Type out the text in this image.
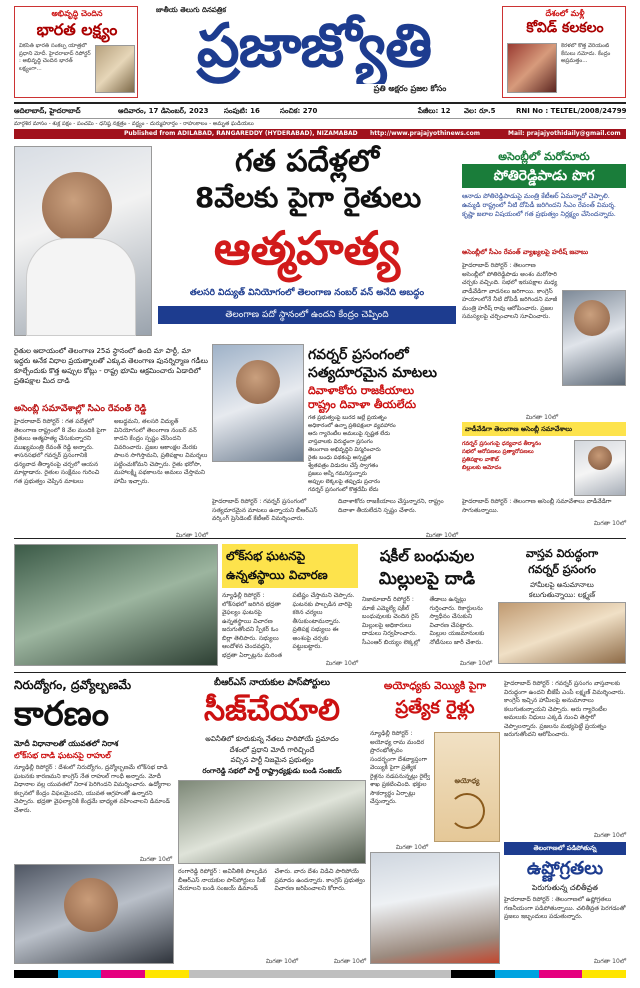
అభివృద్ధి చెందిన
భారత లక్ష్యం
వికసిత్ భారత్ సంకల్ప యాత్రలో ప్రధాని మోదీ. హైదరాబాద్ రిపోర్టర్ : అభివృద్ధి చెందిన భారత్ లక్ష్యంగా...
జాతీయ తెలుగు దినపత్రిక
ప్రజాజ్యోతి
ప్రతి అక్షరం ప్రజల కోసం
దేశంలో మళ్లీ
కోవిడ్ కలకలం
కేరళలో కొత్త వేరియంట్ కేసులు నమోదు. కేంద్రం అప్రమత్తం...
ఆదిలాబాద్, హైదరాబాద్	ఆదివారం, 17 డిసెంబర్, 2023 సంపుటి: 16	సంచిక: 270	పేజీలు: 12 వెల: రూ.5	RNI No : TELTEL/2008/24799
మార్గశిర మాసం - శుక్ల పక్షం - పంచమి - ధనిష్ఠ నక్షత్రం - వర్జ్యం - దుర్ముహూర్తం - రాహుకాలం - అమృత ఘడియలు
Published from ADILABAD, RANGAREDDY (HYDERABAD), NIZAMABAD http://www.prajajyothinews.com	Mail: prajajyothidaily@gmail.com
గత పదేళ్లలో
8వేలకు పైగా రైతులు
ఆత్మహత్య
తలసరి విద్యుత్ వినియోగంలో తెలంగాణ నంబర్ వన్ అనేది అబద్ధం
తెలంగాణ పదో స్థానంలో ఉందని కేంద్రం చెప్పింది
రైతుల ఆదాయంలో తెలంగాణ 25వ స్థానంలో ఉంది మా పార్టీ, మా ఇద్దరు అనేక విధాల ప్రయత్నాలతో ఎక్కువ తెలంగాణ పునర్నిర్మాణ గడీలు కూల్చేందుకు కొత్త అప్పుల కోట్లు - రాష్ట్ర భూమి ఆక్రమించారు ఏడాదిలో ప్రతిపక్షాల మీద దాడి
అసెంబ్లీ సమావేశాల్లో సీఎం రేవంత్ రెడ్డి
హైదరాబాద్ రిపోర్టర్ : గత పదేళ్లలో తెలంగాణ రాష్ట్రంలో 8 వేల మందికి పైగా రైతులు ఆత్మహత్య చేసుకున్నారని ముఖ్యమంత్రి రేవంత్ రెడ్డి అన్నారు. శాసనసభలో గవర్నర్ ప్రసంగానికి ధన్యవాద తీర్మానంపై చర్చలో ఆయన మాట్లాడారు. రైతుల సంక్షేమం గురించి గత ప్రభుత్వం చెప్పిన మాటలు అబద్ధమని, తలసరి విద్యుత్ వినియోగంలో తెలంగాణ నంబర్ వన్ కాదని కేంద్రం స్పష్టం చేసిందని వివరించారు. ప్రజల ఆకాంక్షల మేరకు పాలన సాగిస్తామని, ప్రతిపక్షాల విమర్శలు పట్టించుకోమని చెప్పారు. రైతు భరోసా, మహాలక్ష్మి పథకాలను అమలు చేస్తామని హామీ ఇచ్చారు.
గవర్నర్ ప్రసంగంలో
సత్యదూరమైన మాటలు
దివాళాకోరు రాజకీయాలు
రాష్ట్రం దివాళా తీయలేదు
గత ప్రభుత్వంపై బురద జల్లే ప్రయత్నం
అధికారంలో ఉన్నా ప్రతిపక్షంలా వ్యవహారం
ఆరు గ్యారెంటీల అమలుపై స్పష్టత లేదు
వాస్తవాలకు విరుద్ధంగా ప్రసంగం
తెలంగాణ అభివృద్ధిని విస్మరించారు
రైతు బంధు పథకంపై అస్పష్టత
శ్వేతపత్రం విడుదల చేస్తే స్వాగతం
ప్రజలు అన్నీ గమనిస్తున్నారు
అప్పుల లెక్కలపై తప్పుడు ప్రచారం
గవర్నర్ ప్రసంగంలో కొత్తదేమీ లేదు
హైదరాబాద్ రిపోర్టర్ : గవర్నర్ ప్రసంగంలో సత్యదూరమైన మాటలు ఉన్నాయని బీఆర్ఎస్ వర్కింగ్ ప్రెసిడెంట్ కేటీఆర్ విమర్శించారు. దివాళాకోరు రాజకీయాలు చేస్తున్నారని, రాష్ట్రం దివాళా తీయలేదని స్పష్టం చేశారు.
అసెంబ్లీలో మరోమారు
పోతిరెడ్డిపాడు పొగ
ఆనాడు పోతిరెడ్డిపాడుపై మంత్రి కేటీఆర్ ఏమన్నారో చెప్పాలి. ఉమ్మడి రాష్ట్రంలో నీటి దోపిడీ జరిగిందని సీఎం రేవంత్ విమర్శ. కృష్ణా జలాల విషయంలో గత ప్రభుత్వం నిర్లక్ష్యం చేసిందన్నారు.
అసెంబ్లీలో సీఎం రేవంత్ వ్యాఖ్యలపై హరీష్ జవాబు
హైదరాబాద్ రిపోర్టర్ : తెలంగాణ అసెంబ్లీలో పోతిరెడ్డిపాడు అంశం మరోసారి చర్చకు వచ్చింది. సభలో ఇరుపక్షాల మధ్య వాడీవేడిగా వాదనలు జరిగాయి. కాంగ్రెస్ హయాంలోనే నీటి దోపిడీ జరిగిందని మాజీ మంత్రి హరీష్ రావు ఆరోపించారు. ప్రజల సమస్యలపై చర్చించాలని సూచించారు.
వాడీవేడిగా తెలంగాణ అసెంబ్లీ సమావేశాలు
గవర్నర్ ప్రసంగంపై ధన్యవాద తీర్మానం
సభలో ఆరోపణలు ప్రత్యారోపణలు
ప్రతిపక్షాల వాకౌట్
బిల్లులకు ఆమోదం
హైదరాబాద్ రిపోర్టర్ : తెలంగాణ అసెంబ్లీ సమావేశాలు వాడీవేడిగా సాగుతున్నాయి.
లోక్‌సభ ఘటనపై
ఉన్నతస్థాయి విచారణ
న్యూఢిల్లీ రిపోర్టర్ : లోక్‌సభలో జరిగిన భద్రతా వైఫల్యం ఘటనపై ఉన్నతస్థాయి విచారణ జరుగుతోందని స్పీకర్ ఓం బిర్లా తెలిపారు. సభ్యులు ఆందోళన చెందవద్దని, భద్రతా ఏర్పాట్లను మరింత పటిష్టం చేస్తామని చెప్పారు. ఘటనకు పాల్పడిన వారిపై కఠిన చర్యలు తీసుకుంటామన్నారు. ప్రతిపక్ష సభ్యులు ఈ అంశంపై చర్చకు పట్టుబట్టారు.
షకీల్ బంధువుల
మిల్లులపై దాడి
నిజామాబాద్ రిపోర్టర్ : మాజీ ఎమ్మెల్యే షకీల్ బంధువులకు చెందిన రైస్ మిల్లులపై అధికారులు దాడులు నిర్వహించారు. సీఎంఆర్ బియ్యం లెక్కల్లో తేడాలు ఉన్నట్లు గుర్తించారు. రికార్డులను స్వాధీనం చేసుకుని విచారణ చేపట్టారు. మిల్లుల యజమానులకు నోటీసులు జారీ చేశారు.
వాస్తవ విరుద్ధంగా
గవర్నర్ ప్రసంగం
హామీలపై అనుమానాలు
కలుగుతున్నాయి: లక్ష్మణ్
నిరుద్యోగం, ద్రవ్యోల్బణమే
కారణం
మోదీ విధానాలతో యువతలో నిరాశ
లోక్‌సభ దాడి ఘటనపై రాహుల్
న్యూఢిల్లీ రిపోర్టర్ : దేశంలో నిరుద్యోగం, ద్రవ్యోల్బణమే లోక్‌సభ దాడి ఘటనకు కారణమని కాంగ్రెస్ నేత రాహుల్ గాంధీ అన్నారు. మోదీ విధానాల వల్ల యువతలో నిరాశ పెరిగిందని విమర్శించారు. ఉద్యోగాల కల్పనలో కేంద్రం విఫలమైందని, యువత ఆగ్రహంతో ఉన్నారని చెప్పారు. భద్రతా వైఫల్యానికి కేంద్రమే బాధ్యత వహించాలని డిమాండ్ చేశారు.
బీఆర్ఎస్ నాయకుల పాస్‌పోర్టులు
సీజ్‌చేయాలి
అవినీతిలో కూరుకున్న నేతలు పారిపోయే ప్రమాదం
దేశంలో ప్రధాని మోదీ గారిచ్చిందే
వచ్చిన పార్టీ నిజమైన ప్రభుత్వం
రంగారెడ్డి సభలో పార్టీ రాష్ట్రాధ్యక్షుడు బండి సంజయ్
రంగారెడ్డి రిపోర్టర్ : అవినీతికి పాల్పడిన బీఆర్ఎస్ నాయకుల పాస్‌పోర్టులు సీజ్ చేయాలని బండి సంజయ్ డిమాండ్ చేశారు. వారు దేశం విడిచి పారిపోయే ప్రమాదం ఉందన్నారు. కాంగ్రెస్ ప్రభుత్వం విచారణ జరిపించాలని కోరారు.
అయోధ్యకు వెయ్యికి పైగా
ప్రత్యేక రైళ్లు
న్యూఢిల్లీ రిపోర్టర్ : అయోధ్య రామ మందిర ప్రారంభోత్సవం సందర్భంగా దేశవ్యాప్తంగా వెయ్యికి పైగా ప్రత్యేక రైళ్లను నడపనున్నట్లు రైల్వే శాఖ ప్రకటించింది. భక్తుల సౌకర్యార్థం ఏర్పాట్లు చేస్తున్నారు.
అయోధ్య
హైదరాబాద్ రిపోర్టర్ : గవర్నర్ ప్రసంగం వాస్తవాలకు విరుద్ధంగా ఉందని బీజేపీ ఎంపీ లక్ష్మణ్ విమర్శించారు. కాంగ్రెస్ ఇచ్చిన హామీలపై అనుమానాలు కలుగుతున్నాయని చెప్పారు. ఆరు గ్యారెంటీల అమలుకు నిధులు ఎక్కడి నుంచి తెస్తారో చెప్పాలన్నారు. ప్రజలను మభ్యపెట్టే ప్రయత్నం జరుగుతోందని ఆరోపించారు.
తెలంగాణలో పడిపోతున్న
ఉష్ణోగ్రతలు
పెరుగుతున్న చలితీవ్రత
హైదరాబాద్ రిపోర్టర్ : తెలంగాణలో ఉష్ణోగ్రతలు గణనీయంగా పడిపోతున్నాయి. చలితీవ్రత పెరగడంతో ప్రజలు ఇబ్బందులు పడుతున్నారు.
మిగతా 10లో
మిగతా 10లో	మిగతా 10లో
మిగతా 10లో
మిగతా 10లో
మిగతా 10లో	మిగతా 10లో
మిగతా 10లో
మిగతా 10లో
మిగతా 10లో
మిగతా 10లో
మిగతా 10లో
